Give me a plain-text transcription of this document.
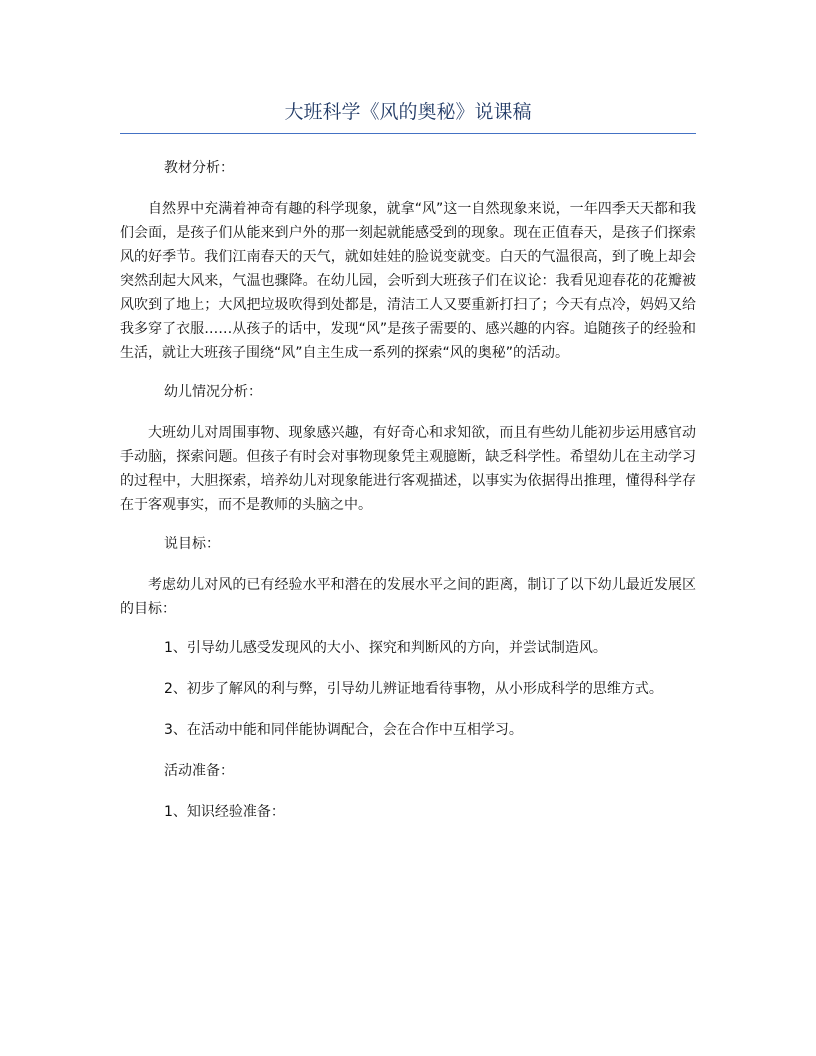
大班科学《风的奥秘》说课稿

教材分析：

自然界中充满着神奇有趣的科学现象，就拿“风”这一自然现象来说，一年四季天天都和我们会面，是孩子们从能来到户外的那一刻起就能感受到的现象。现在正值春天，是孩子们探索风的好季节。我们江南春天的天气，就如娃娃的脸说变就变。白天的气温很高，到了晚上却会突然刮起大风来，气温也骤降。在幼儿园，会听到大班孩子们在议论：我看见迎春花的花瓣被风吹到了地上；大风把垃圾吹得到处都是，清洁工人又要重新打扫了；今天有点冷，妈妈又给我多穿了衣服……从孩子的话中，发现“风”是孩子需要的、感兴趣的内容。追随孩子的经验和生活，就让大班孩子围绕“风”自主生成一系列的探索“风的奥秘”的活动。

幼儿情况分析：

大班幼儿对周围事物、现象感兴趣，有好奇心和求知欲，而且有些幼儿能初步运用感官动手动脑，探索问题。但孩子有时会对事物现象凭主观臆断，缺乏科学性。希望幼儿在主动学习的过程中，大胆探索，培养幼儿对现象能进行客观描述，以事实为依据得出推理，懂得科学存在于客观事实，而不是教师的头脑之中。

说目标：

考虑幼儿对风的已有经验水平和潜在的发展水平之间的距离，制订了以下幼儿最近发展区的目标：

1、引导幼儿感受发现风的大小、探究和判断风的方向，并尝试制造风。

2、初步了解风的利与弊，引导幼儿辨证地看待事物，从小形成科学的思维方式。

3、在活动中能和同伴能协调配合，会在合作中互相学习。

活动准备：

1、知识经验准备：
